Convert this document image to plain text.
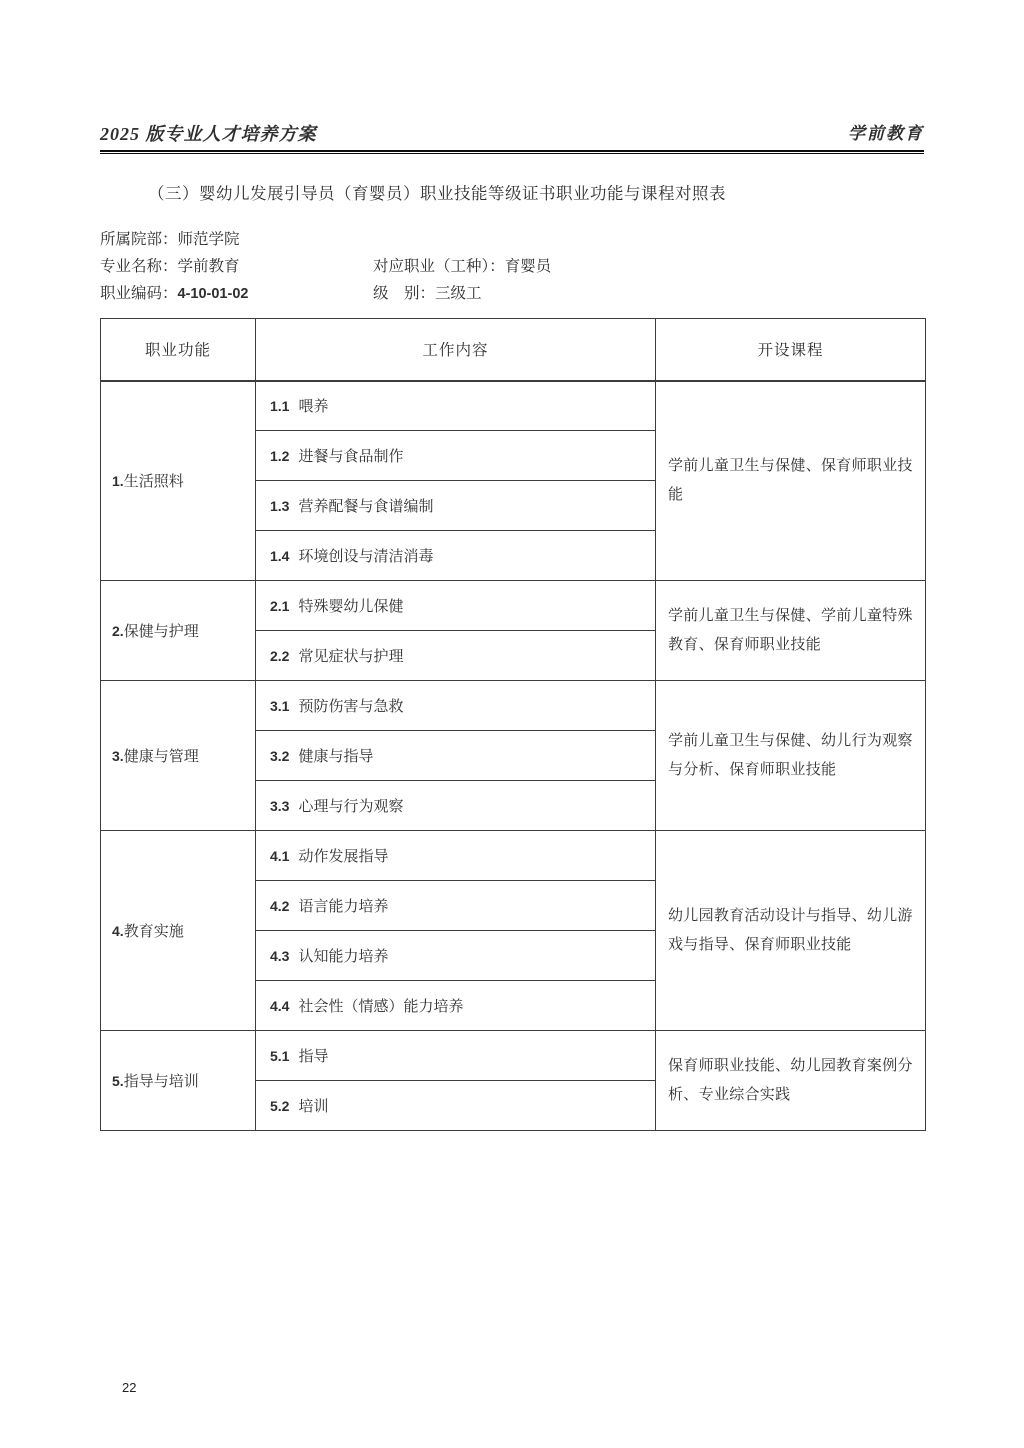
2025 版专业人才培养方案	学前教育
（三）婴幼儿发展引导员（育婴员）职业技能等级证书职业功能与课程对照表
所属院部：师范学院
专业名称：学前教育	对应职业（工种）：育婴员
职业编码：4-10-01-02	级　别：三级工
职业功能	工作内容	开设课程
1.生活照料	1.1 喂养	学前儿童卫生与保健、保育师职业技能
	1.2 进餐与食品制作	
	1.3 营养配餐与食谱编制	
	1.4 环境创设与清洁消毒	
2.保健与护理	2.1 特殊婴幼儿保健	学前儿童卫生与保健、学前儿童特殊教育、保育师职业技能
	2.2 常见症状与护理	
3.健康与管理	3.1 预防伤害与急救	学前儿童卫生与保健、幼儿行为观察与分析、保育师职业技能
	3.2 健康与指导	
	3.3 心理与行为观察	
4.教育实施	4.1 动作发展指导	幼儿园教育活动设计与指导、幼儿游戏与指导、保育师职业技能
	4.2 语言能力培养	
	4.3 认知能力培养	
	4.4 社会性（情感）能力培养	
5.指导与培训	5.1 指导	保育师职业技能、幼儿园教育案例分析、专业综合实践
	5.2 培训	
22
